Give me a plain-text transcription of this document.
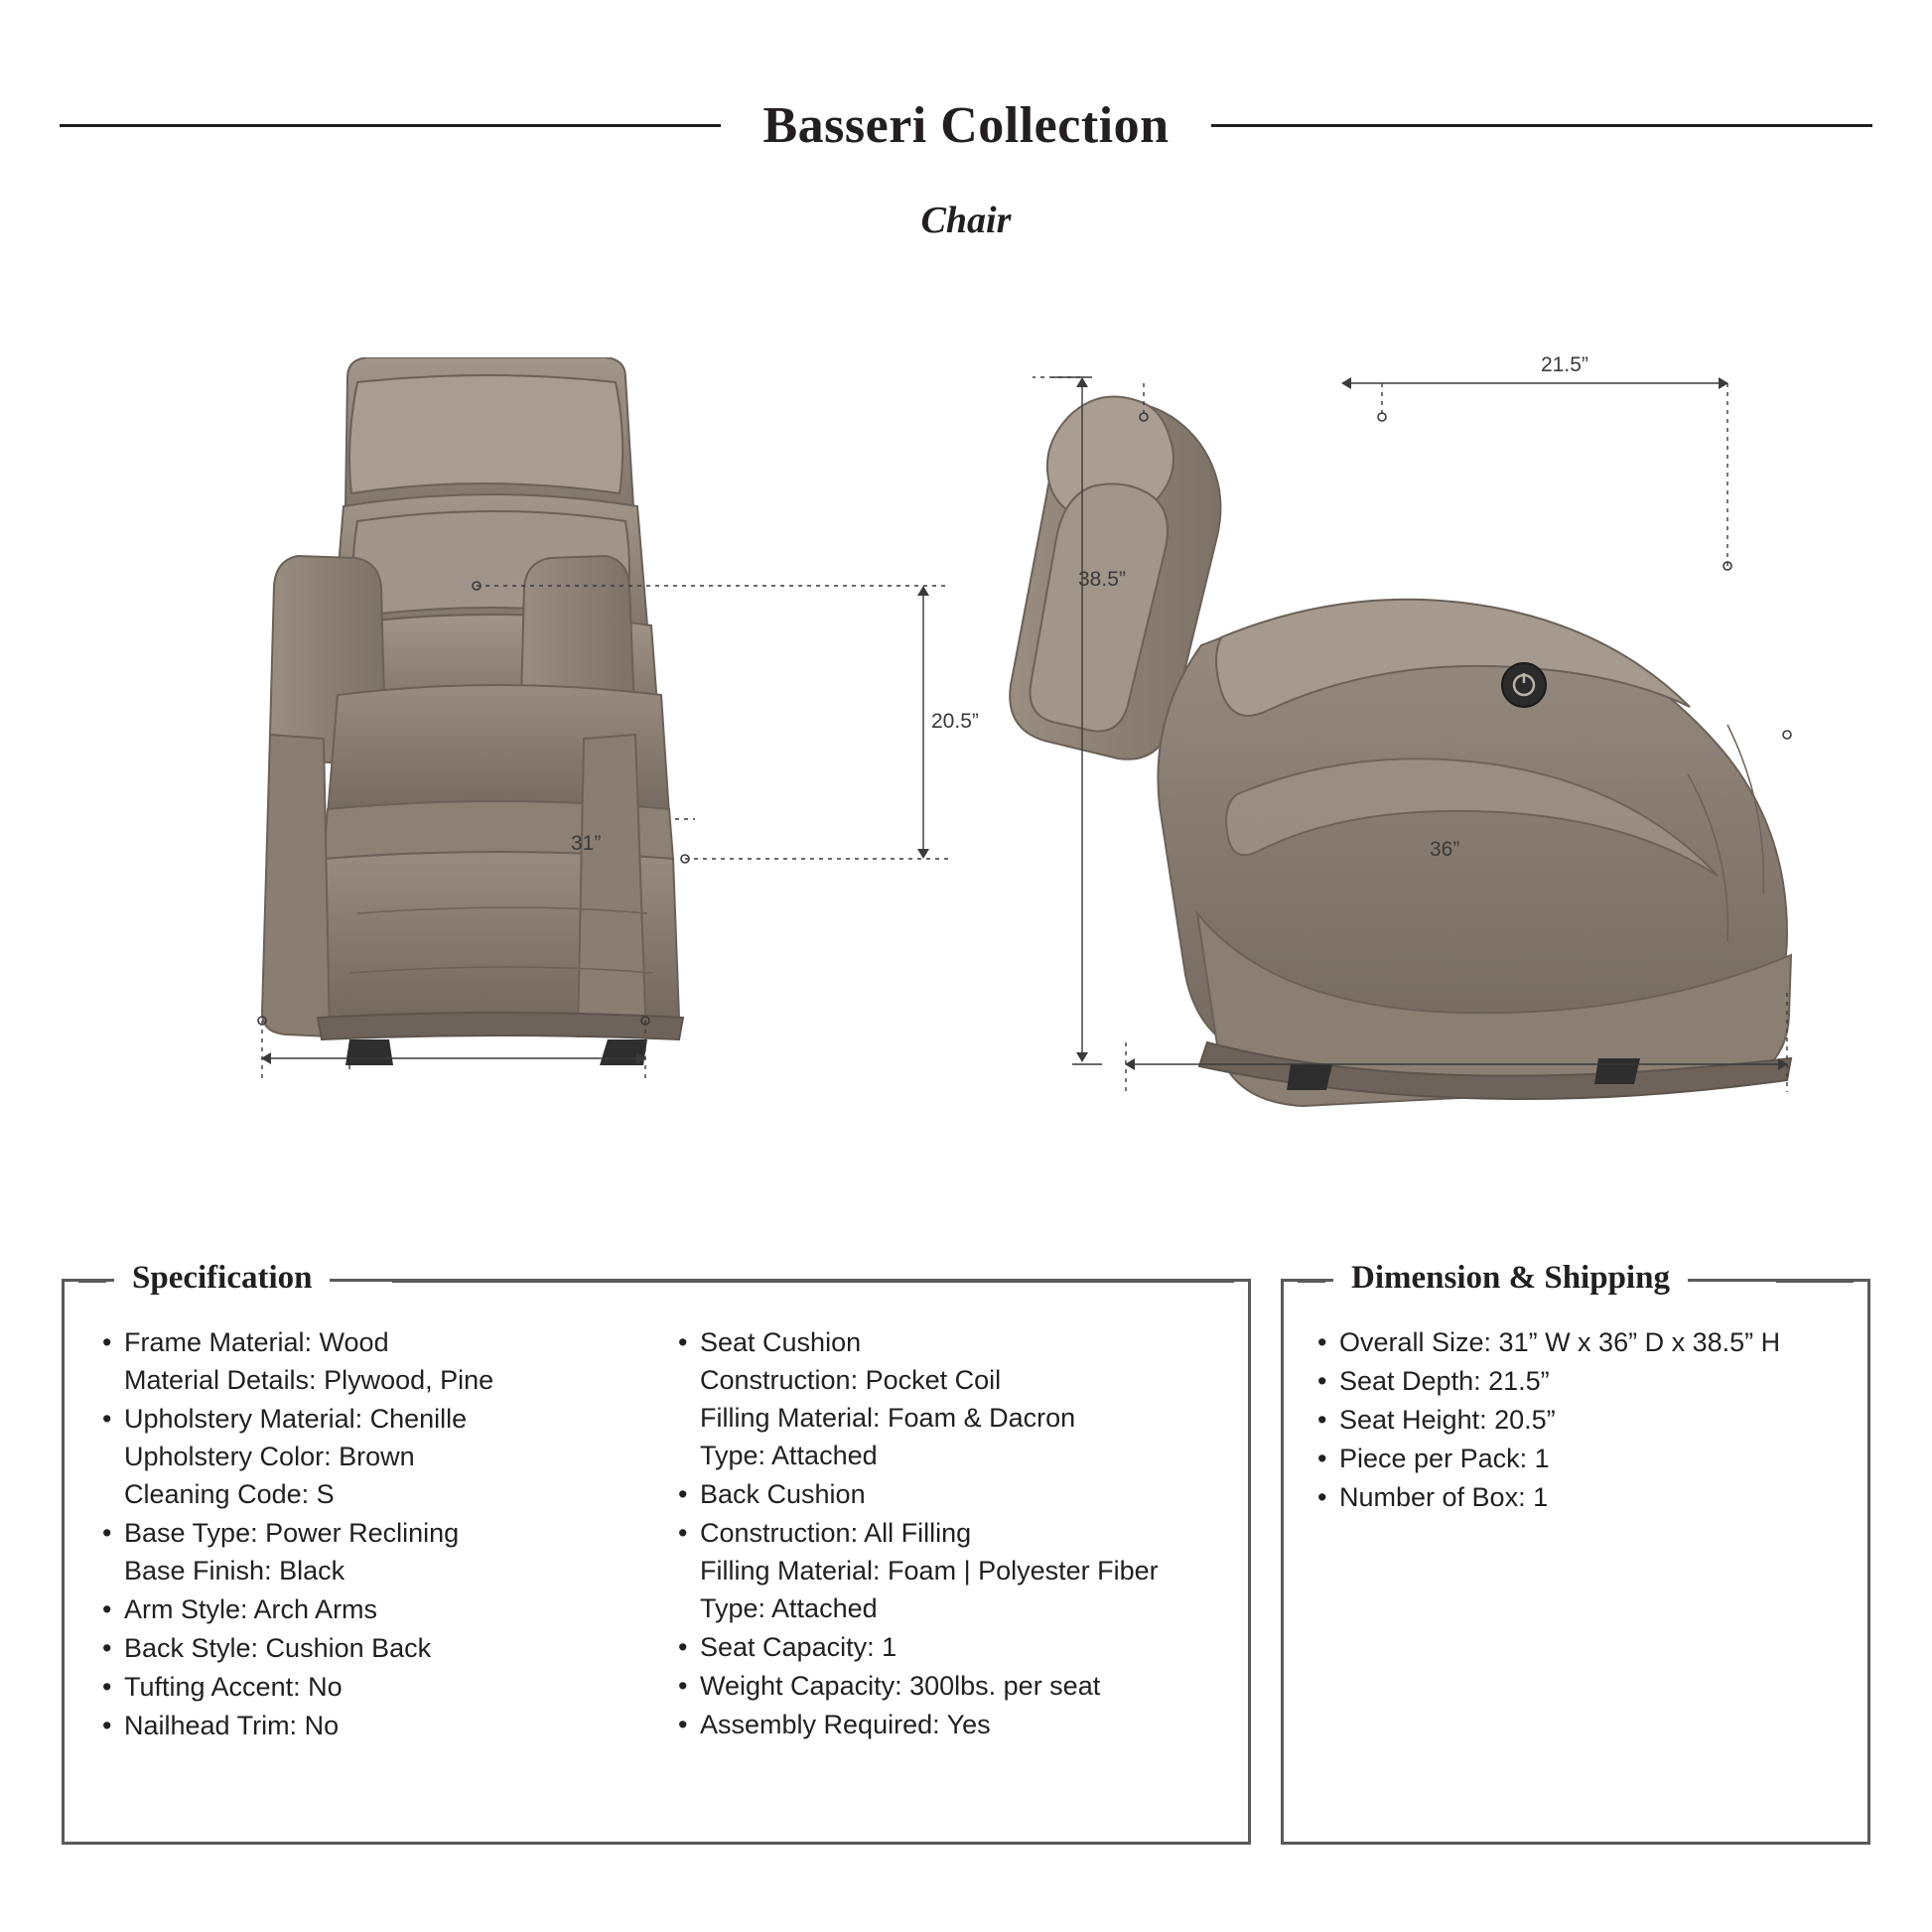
Basseri Collection
Chair
20.5”
31”
38.5”
21.5”
36”
Specification
• Frame Material: Wood
Material Details: Plywood, Pine
• Upholstery Material: Chenille
Upholstery Color: Brown
Cleaning Code: S
• Base Type: Power Reclining
Base Finish: Black
• Arm Style: Arch Arms
• Back Style: Cushion Back
• Tufting Accent: No
• Nailhead Trim: No
• Seat Cushion
Construction: Pocket Coil
Filling Material: Foam & Dacron
Type: Attached
• Back Cushion
• Construction: All Filling
Filling Material: Foam | Polyester Fiber
Type: Attached
• Seat Capacity: 1
• Weight Capacity: 300lbs. per seat
• Assembly Required: Yes
Dimension & Shipping
• Overall Size: 31” W x 36” D x 38.5” H
• Seat Depth: 21.5”
• Seat Height: 20.5”
• Piece per Pack: 1
• Number of Box: 1
